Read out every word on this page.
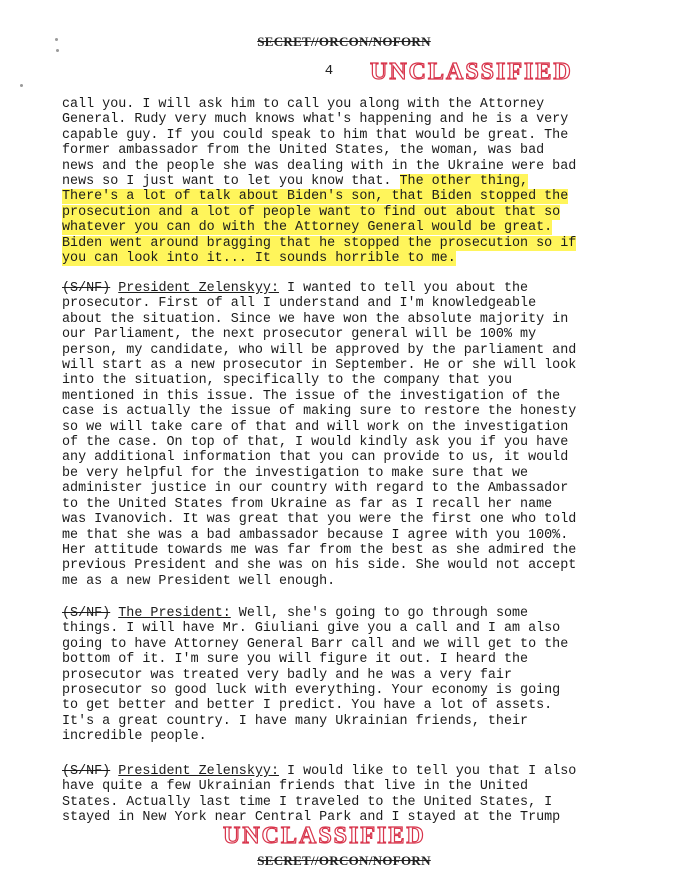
SECRET//ORCON/NOFORN
4 UNCLASSIFIED
call you. I will ask him to call you along with the Attorney
General. Rudy very much knows what's happening and he is a very
capable guy. If you could speak to him that would be great. The
former ambassador from the United States, the woman, was bad
news and the people she was dealing with in the Ukraine were bad
news so I just want to let you know that. The other thing,
There's a lot of talk about Biden's son, that Biden stopped the
prosecution and a lot of people want to find out about that so
whatever you can do with the Attorney General would be great.
Biden went around bragging that he stopped the prosecution so if
you can look into it... It sounds horrible to me.
(S/NF) President Zelenskyy: I wanted to tell you about the
prosecutor. First of all I understand and I'm knowledgeable
about the situation. Since we have won the absolute majority in
our Parliament, the next prosecutor general will be 100% my
person, my candidate, who will be approved by the parliament and
will start as a new prosecutor in September. He or she will look
into the situation, specifically to the company that you
mentioned in this issue. The issue of the investigation of the
case is actually the issue of making sure to restore the honesty
so we will take care of that and will work on the investigation
of the case. On top of that, I would kindly ask you if you have
any additional information that you can provide to us, it would
be very helpful for the investigation to make sure that we
administer justice in our country with regard to the Ambassador
to the United States from Ukraine as far as I recall her name
was Ivanovich. It was great that you were the first one who told
me that she was a bad ambassador because I agree with you 100%.
Her attitude towards me was far from the best as she admired the
previous President and she was on his side. She would not accept
me as a new President well enough.
(S/NF) The President: Well, she's going to go through some
things. I will have Mr. Giuliani give you a call and I am also
going to have Attorney General Barr call and we will get to the
bottom of it. I'm sure you will figure it out. I heard the
prosecutor was treated very badly and he was a very fair
prosecutor so good luck with everything. Your economy is going
to get better and better I predict. You have a lot of assets.
It's a great country. I have many Ukrainian friends, their
incredible people.
(S/NF) President Zelenskyy: I would like to tell you that I also
have quite a few Ukrainian friends that live in the United
States. Actually last time I traveled to the United States, I
stayed in New York near Central Park and I stayed at the Trump
UNCLASSIFIED
SECRET//ORCON/NOFORN
